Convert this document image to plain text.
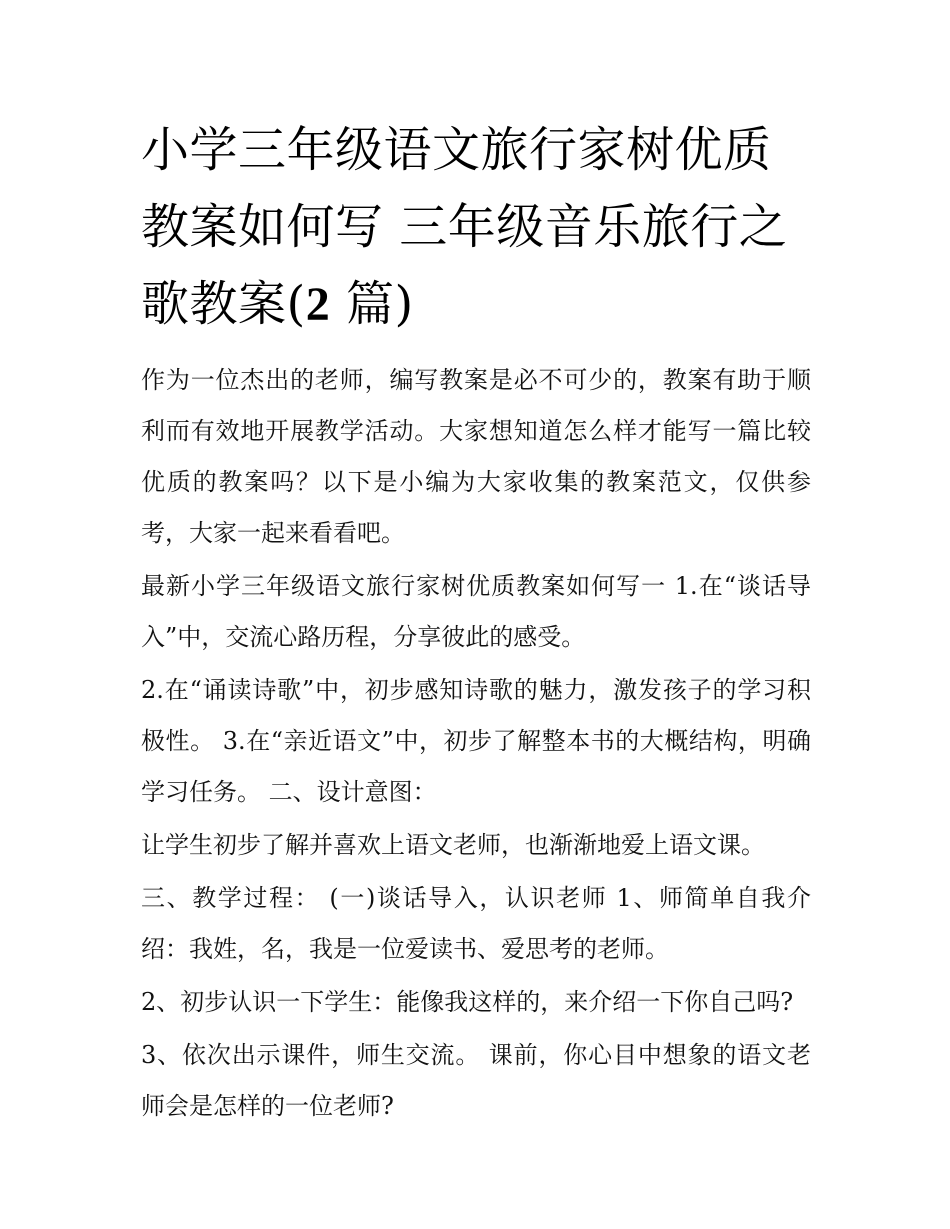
小学三年级语文旅行家树优质
教案如何写 三年级音乐旅行之
歌教案(2 篇)

作为一位杰出的老师，编写教案是必不可少的，教案有助于顺利而有效地开展教学活动。大家想知道怎么样才能写一篇比较优质的教案吗？以下是小编为大家收集的教案范文，仅供参考，大家一起来看看吧。

最新小学三年级语文旅行家树优质教案如何写一 1.在“谈话导入”中，交流心路历程，分享彼此的感受。

2.在“诵读诗歌”中，初步感知诗歌的魅力，激发孩子的学习积极性。 3.在“亲近语文”中，初步了解整本书的大概结构，明确学习任务。 二、设计意图：

让学生初步了解并喜欢上语文老师，也渐渐地爱上语文课。

三、教学过程： (一)谈话导入，认识老师 1、师简单自我介绍：我姓，名，我是一位爱读书、爱思考的老师。

2、初步认识一下学生：能像我这样的，来介绍一下你自己吗?

3、依次出示课件，师生交流。 课前，你心目中想象的语文老师会是怎样的一位老师?
